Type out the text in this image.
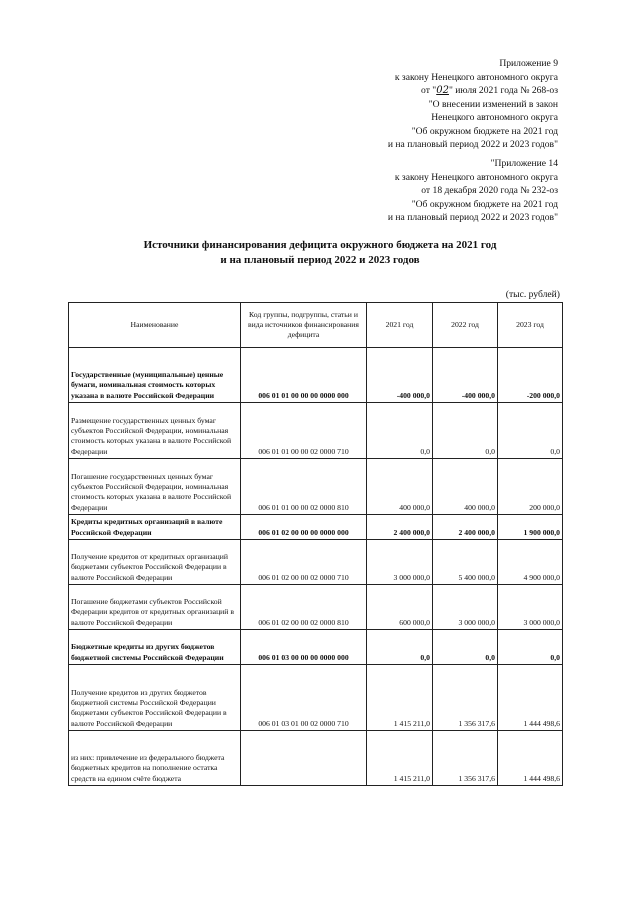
Приложение 9
к закону Ненецкого автономного округа
от "02" июля 2021 года № 268-оз
"О внесении изменений в закон
Ненецкого автономного округа
"Об окружном бюджете на 2021 год
и на плановый период 2022 и 2023 годов"
"Приложение 14
к закону Ненецкого автономного округа
от 18 декабря 2020 года № 232-оз
"Об окружном бюджете на 2021 год
и на плановый период 2022 и 2023 годов"
Источники финансирования дефицита окружного бюджета на 2021 год
и на плановый период 2022 и 2023 годов
(тыс. рублей)
Наименование	Код группы, подгруппы, статьи и вида источников финансирования дефицита	2021 год	2022 год	2023 год
Государственные (муниципальные) ценные бумаги, номинальная стоимость которых указана в валюте Российской Федерации	006 01 01 00 00 00 0000 000	-400 000,0	-400 000,0	-200 000,0
Размещение государственных ценных бумаг субъектов Российской Федерации, номинальная стоимость которых указана в валюте Российской Федерации	006 01 01 00 00 02 0000 710	0,0	0,0	0,0
Погашение государственных ценных бумаг субъектов Российской Федерации, номинальная стоимость которых указана в валюте Российской Федерации	006 01 01 00 00 02 0000 810	400 000,0	400 000,0	200 000,0
Кредиты кредитных организаций в валюте Российской Федерации	006 01 02 00 00 00 0000 000	2 400 000,0	2 400 000,0	1 900 000,0
Получение кредитов от кредитных организаций бюджетами субъектов Российской Федерации в валюте Российской Федерации	006 01 02 00 00 02 0000 710	3 000 000,0	5 400 000,0	4 900 000,0
Погашение бюджетами субъектов Российской Федерации кредитов от кредитных организаций в валюте Российской Федерации	006 01 02 00 00 02 0000 810	600 000,0	3 000 000,0	3 000 000,0
Бюджетные кредиты из других бюджетов бюджетной системы Российской Федерации	006 01 03 00 00 00 0000 000	0,0	0,0	0,0
Получение кредитов из других бюджетов бюджетной системы Российской Федерации бюджетами субъектов Российской Федерации в валюте Российской Федерации	006 01 03 01 00 02 0000 710	1 415 211,0	1 356 317,6	1 444 498,6
из них: привлечение из федерального бюджета бюджетных кредитов на пополнение остатка средств на едином счёте бюджета		1 415 211,0	1 356 317,6	1 444 498,6
